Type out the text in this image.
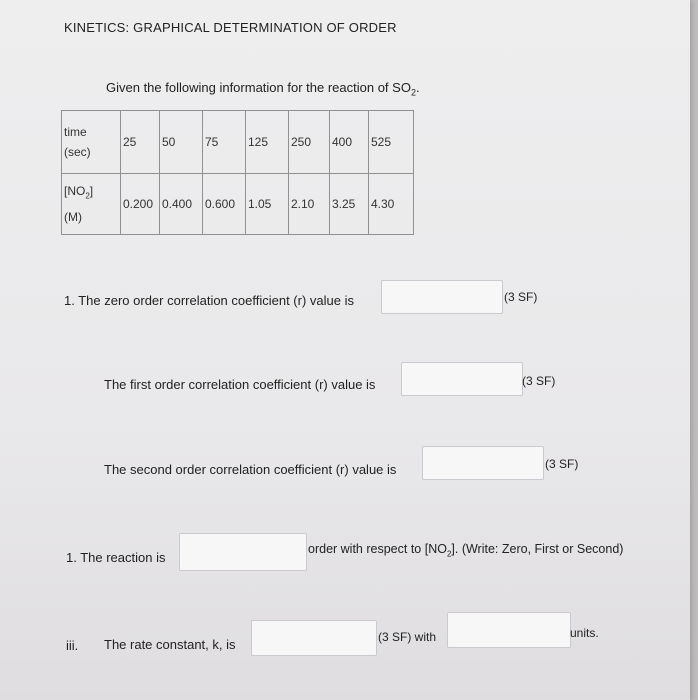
KINETICS: GRAPHICAL DETERMINATION OF ORDER
Given the following information for the reaction of $SO_2$.
time
(sec)	25	50	75	125	250	400	525
$[NO_2]$
(M)	0.200	0.400	0.600	1.05	2.10	3.25	4.30
1. The zero order correlation coefficient (r) value is	(3 SF)
The first order correlation coefficient (r) value is	(3 SF)
The second order correlation coefficient (r) value is	(3 SF)
1. The reaction is
order with respect to $[NO_2]$. (Write: Zero, First or Second)
iii. The rate constant, k, is	(3 SF) with	units.
